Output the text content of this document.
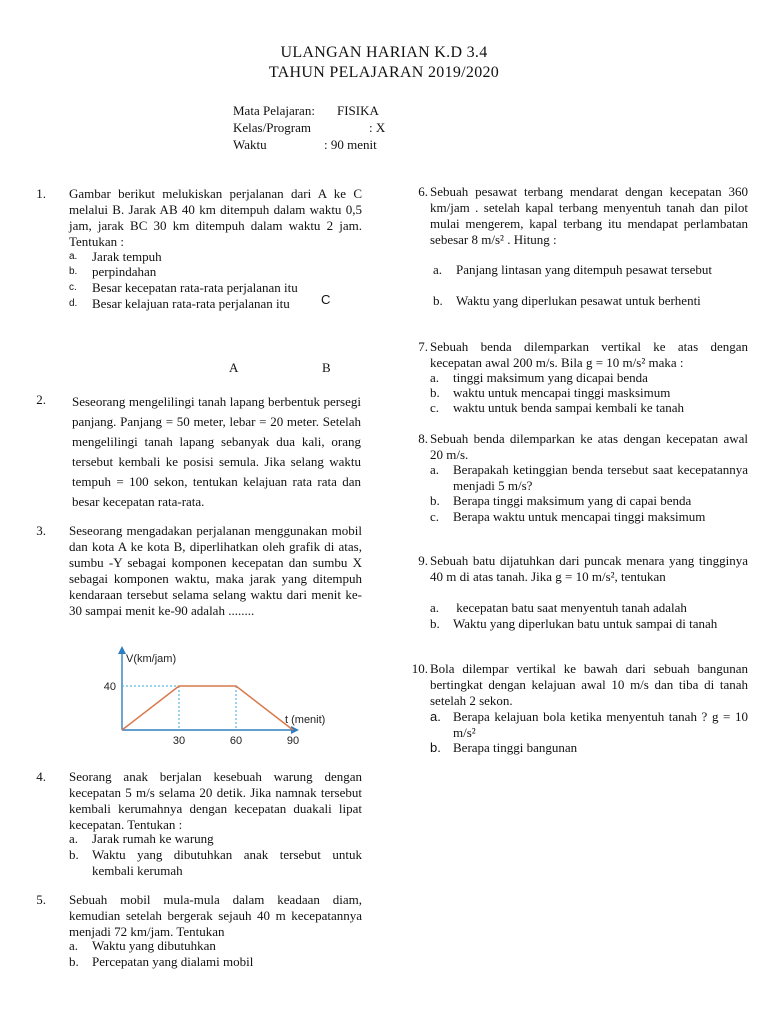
ULANGAN HARIAN K.D 3.4
TAHUN PELAJARAN 2019/2020
Mata Pelajaran: FISIKA
Kelas/Program	: X
Waktu	: 90 menit
1. Gambar berikut melukiskan perjalanan dari A ke C melalui B. Jarak AB 40 km ditempuh dalam waktu 0,5 jam, jarak BC 30 km ditempuh dalam waktu 2 jam. Tentukan :
a. Jarak tempuh
b. perpindahan
c. Besar kecepatan rata-rata perjalanan itu
d. Besar kelajuan rata-rata perjalanan itu C
A	B
2. Seseorang mengelilingi tanah lapang berbentuk persegi panjang. Panjang = 50 meter, lebar = 20 meter. Setelah mengelilingi tanah lapang sebanyak dua kali, orang tersebut kembali ke posisi semula. Jika selang waktu tempuh = 100 sekon, tentukan kelajuan rata rata dan besar kecepatan rata-rata.
3. Seseorang mengadakan perjalanan menggunakan mobil dan kota A ke kota B, diperlihatkan oleh grafik di atas, sumbu -Y sebagai komponen kecepatan dan sumbu X sebagai komponen waktu, maka jarak yang ditempuh kendaraan tersebut selama selang waktu dari menit ke-30 sampai menit ke-90 adalah ........
4. Seorang anak berjalan kesebuah warung dengan kecepatan 5 m/s selama 20 detik. Jika namnak tersebut kembali kerumahnya dengan kecepatan duakali lipat kecepatan. Tentukan :
a. Jarak rumah ke warung
b. Waktu yang dibutuhkan anak tersebut untuk kembali kerumah
5. Sebuah mobil mula-mula dalam keadaan diam, kemudian setelah bergerak sejauh 40 m kecepatannya menjadi 72 km/jam. Tentukan
a. Waktu yang dibutuhkan
b. Percepatan yang dialami mobil
V(km/jam)
t (menit)
30	60	90
40
6. Sebuah pesawat terbang mendarat dengan kecepatan 360 km/jam . setelah kapal terbang menyentuh tanah dan pilot mulai mengerem, kapal terbang itu mendapat perlambatan sebesar 8 m/s² . Hitung :
a. Panjang lintasan yang ditempuh pesawat tersebut
b. Waktu yang diperlukan pesawat untuk berhenti
7. Sebuah benda dilemparkan vertikal ke atas dengan kecepatan awal 200 m/s. Bila g = 10 m/s² maka :
a. tinggi maksimum yang dicapai benda
b. waktu untuk mencapai tinggi masksimum
c. waktu untuk benda sampai kembali ke tanah
8. Sebuah benda dilemparkan ke atas dengan kecepatan awal 20 m/s.
a. Berapakah ketinggian benda tersebut saat kecepatannya menjadi 5 m/s?
b. Berapa tinggi maksimum yang di capai benda
c. Berapa waktu untuk mencapai tinggi maksimum
9. Sebuah batu dijatuhkan dari puncak menara yang tingginya 40 m di atas tanah. Jika g = 10 m/s², tentukan
a. kecepatan batu saat menyentuh tanah adalah
b. Waktu yang diperlukan batu untuk sampai di tanah
10. Bola dilempar vertikal ke bawah dari sebuah bangunan bertingkat dengan kelajuan awal 10 m/s dan tiba di tanah setelah 2 sekon.
a. Berapa kelajuan bola ketika menyentuh tanah ? g = 10 m/s²
b. Berapa tinggi bangunan
